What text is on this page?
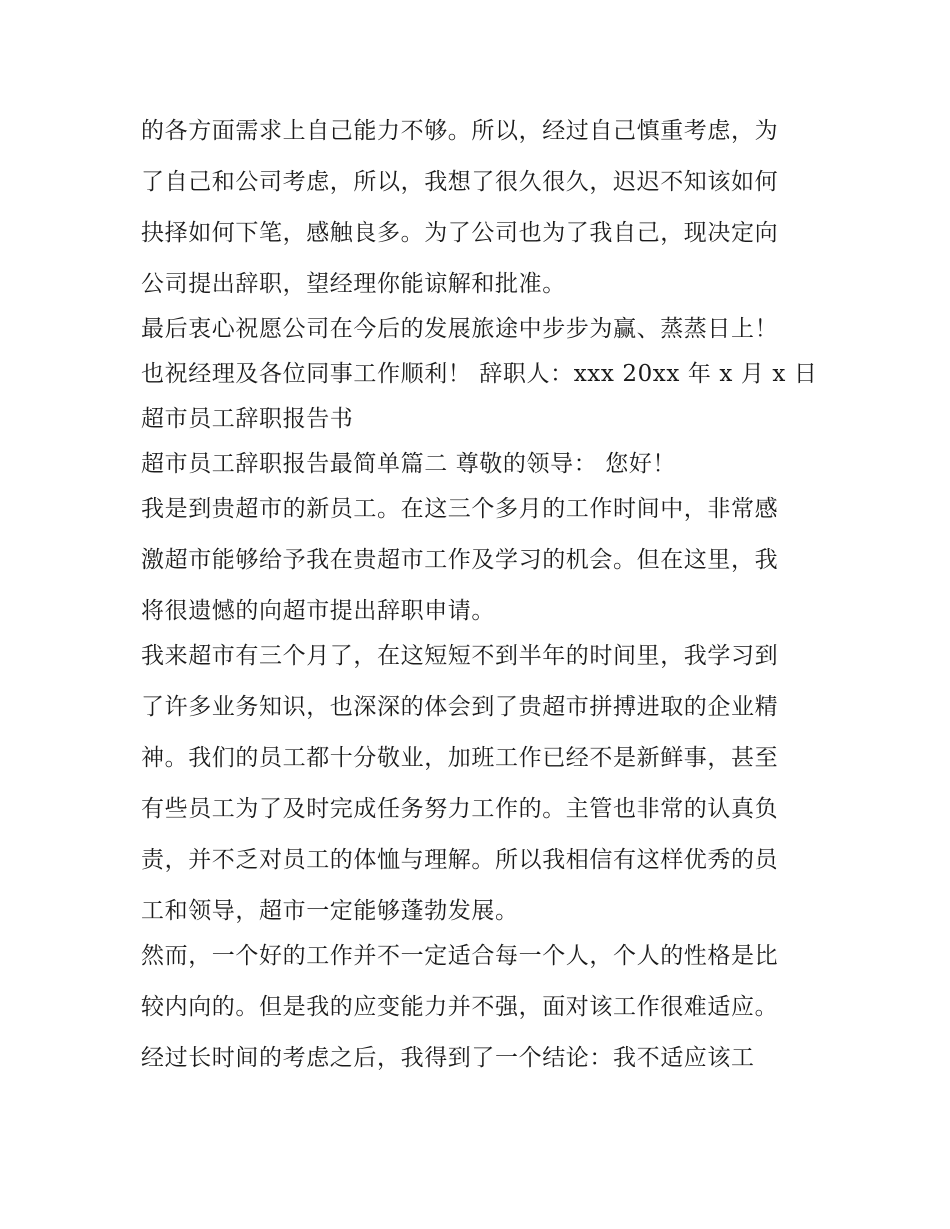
的各方面需求上自己能力不够。所以，经过自己慎重考虑，为
了自己和公司考虑，所以，我想了很久很久，迟迟不知该如何
抉择如何下笔，感触良多。为了公司也为了我自己，现决定向
公司提出辞职，望经理你能谅解和批准。
最后衷心祝愿公司在今后的发展旅途中步步为赢、蒸蒸日上！
也祝经理及各位同事工作顺利！ 辞职人：xxx 20xx 年 x 月 x 日
超市员工辞职报告书
超市员工辞职报告最简单篇二 尊敬的领导： 您好！
我是到贵超市的新员工。在这三个多月的工作时间中，非常感
激超市能够给予我在贵超市工作及学习的机会。但在这里，我
将很遗憾的向超市提出辞职申请。
我来超市有三个月了，在这短短不到半年的时间里，我学习到
了许多业务知识，也深深的体会到了贵超市拼搏进取的企业精
神。我们的员工都十分敬业，加班工作已经不是新鲜事，甚至
有些员工为了及时完成任务努力工作的。主管也非常的认真负
责，并不乏对员工的体恤与理解。所以我相信有这样优秀的员
工和领导，超市一定能够蓬勃发展。
然而，一个好的工作并不一定适合每一个人，个人的性格是比
较内向的。但是我的应变能力并不强，面对该工作很难适应。
经过长时间的考虑之后，我得到了一个结论：我不适应该工
